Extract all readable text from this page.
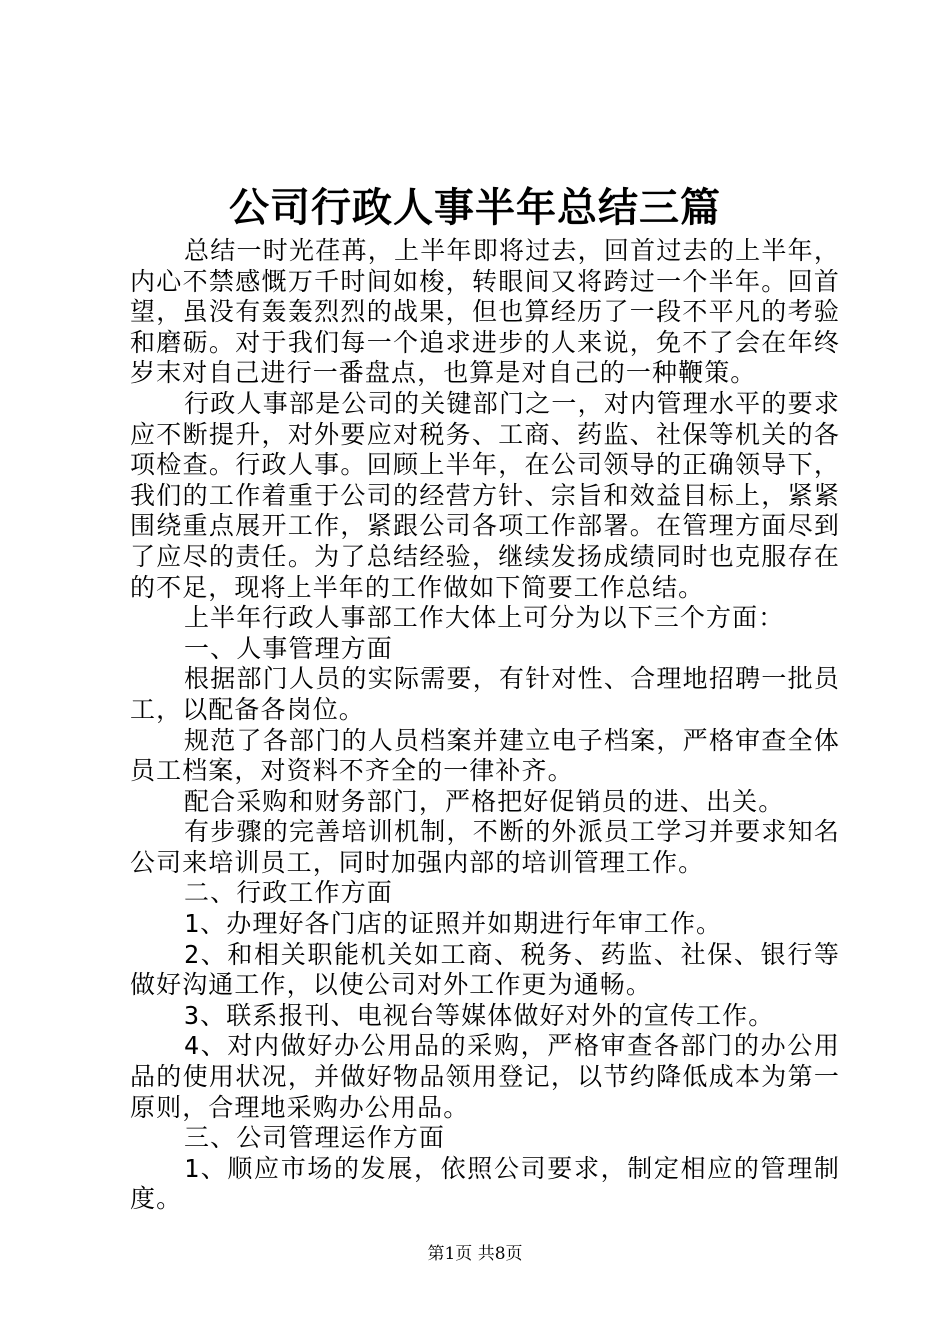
公司行政人事半年总结三篇

总结一时光荏苒，上半年即将过去，回首过去的上半年，内心不禁感慨万千时间如梭，转眼间又将跨过一个半年。回首望，虽没有轰轰烈烈的战果，但也算经历了一段不平凡的考验和磨砺。对于我们每一个追求进步的人来说，免不了会在年终岁末对自己进行一番盘点，也算是对自己的一种鞭策。

行政人事部是公司的关键部门之一，对内管理水平的要求应不断提升，对外要应对税务、工商、药监、社保等机关的各项检查。行政人事。回顾上半年，在公司领导的正确领导下，我们的工作着重于公司的经营方针、宗旨和效益目标上，紧紧围绕重点展开工作，紧跟公司各项工作部署。在管理方面尽到了应尽的责任。为了总结经验，继续发扬成绩同时也克服存在的不足，现将上半年的工作做如下简要工作总结。

上半年行政人事部工作大体上可分为以下三个方面：

一、人事管理方面

根据部门人员的实际需要，有针对性、合理地招聘一批员工，以配备各岗位。

规范了各部门的人员档案并建立电子档案，严格审查全体员工档案，对资料不齐全的一律补齐。

配合采购和财务部门，严格把好促销员的进、出关。

有步骤的完善培训机制，不断的外派员工学习并要求知名公司来培训员工，同时加强内部的培训管理工作。

二、行政工作方面

1、办理好各门店的证照并如期进行年审工作。

2、和相关职能机关如工商、税务、药监、社保、银行等做好沟通工作，以使公司对外工作更为通畅。

3、联系报刊、电视台等媒体做好对外的宣传工作。

4、对内做好办公用品的采购，严格审查各部门的办公用品的使用状况，并做好物品领用登记，以节约降低成本为第一原则，合理地采购办公用品。

三、公司管理运作方面

1、顺应市场的发展，依照公司要求，制定相应的管理制度。

第1页 共8页
